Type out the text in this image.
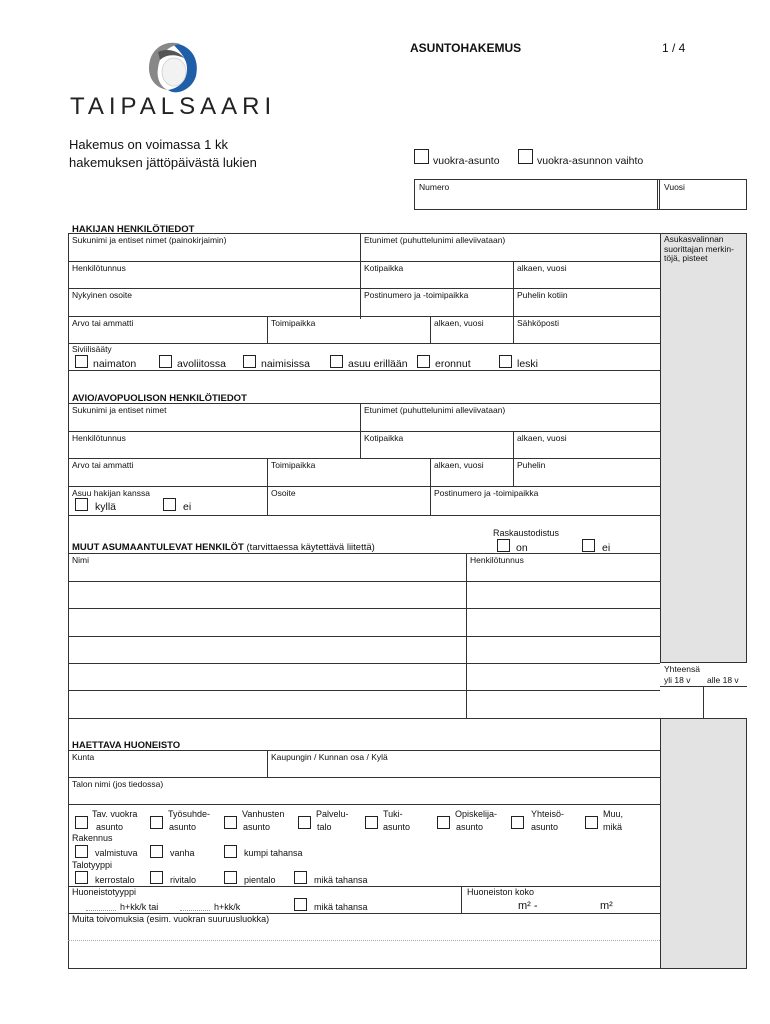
TAIPALSAARI
ASUNTOHAKEMUS	1 / 4
Hakemus on voimassa 1 kk
hakemuksen jättöpäivästä lukien	vuokra-asunto	vuokra-asunnon vaihto
Numero	Vuosi
Asukasvalinnan suorittajan merkin-töjä, pisteet
HAKIJAN HENKILÖTIEDOT
Sukunimi ja entiset nimet (painokirjaimin)	Etunimet (puhuttelunimi alleviivataan)
Henkilötunnus	Kotipaikka	alkaen, vuosi
Nykyinen osoite	Postinumero ja -toimipaikka	Puhelin kotiin
Arvo tai ammatti	Toimipaikka	alkaen, vuosi	Sähköposti
Siviilisääty
naimaton	avoliitossa	naimisissa	asuu erillään	eronnut	leski
AVIO/AVOPUOLISON HENKILÖTIEDOT
Sukunimi ja entiset nimet	Etunimet (puhuttelunimi alleviivataan)
Henkilötunnus	Kotipaikka	alkaen, vuosi
Arvo tai ammatti	Toimipaikka	alkaen, vuosi	Puhelin
Asuu hakijan kanssa	Osoite	Postinumero ja -toimipaikka
kyllä	ei
Raskaustodistus
on	ei
MUUT ASUMAANTULEVAT HENKILÖT (tarvittaessa käytettävä liitettä)
Nimi	Henkilötunnus
Yhteensä
yli 18 v alle 18 v
HAETTAVA HUONEISTO
Kunta	Kaupungin / Kunnan osa / Kylä
Talon nimi (jos tiedossa)
Tav. vuokra
asunto
Työsuhde-
asunto
Vanhusten
asunto
Palvelu-
talo
Tuki-
asunto
Opiskelija-
asunto
Yhteisö-
asunto
Muu,
mikä
Rakennus
valmistuva	vanha	kumpi tahansa
Talotyyppi
kerrostalo	rivitalo	pientalo	mikä tahansa
Huoneistotyyppi	Huoneiston koko
h+kk/k tai	h+kk/k	mikä tahansa	m² -	m²
Muita toivomuksia (esim. vuokran suuruusluokka)
